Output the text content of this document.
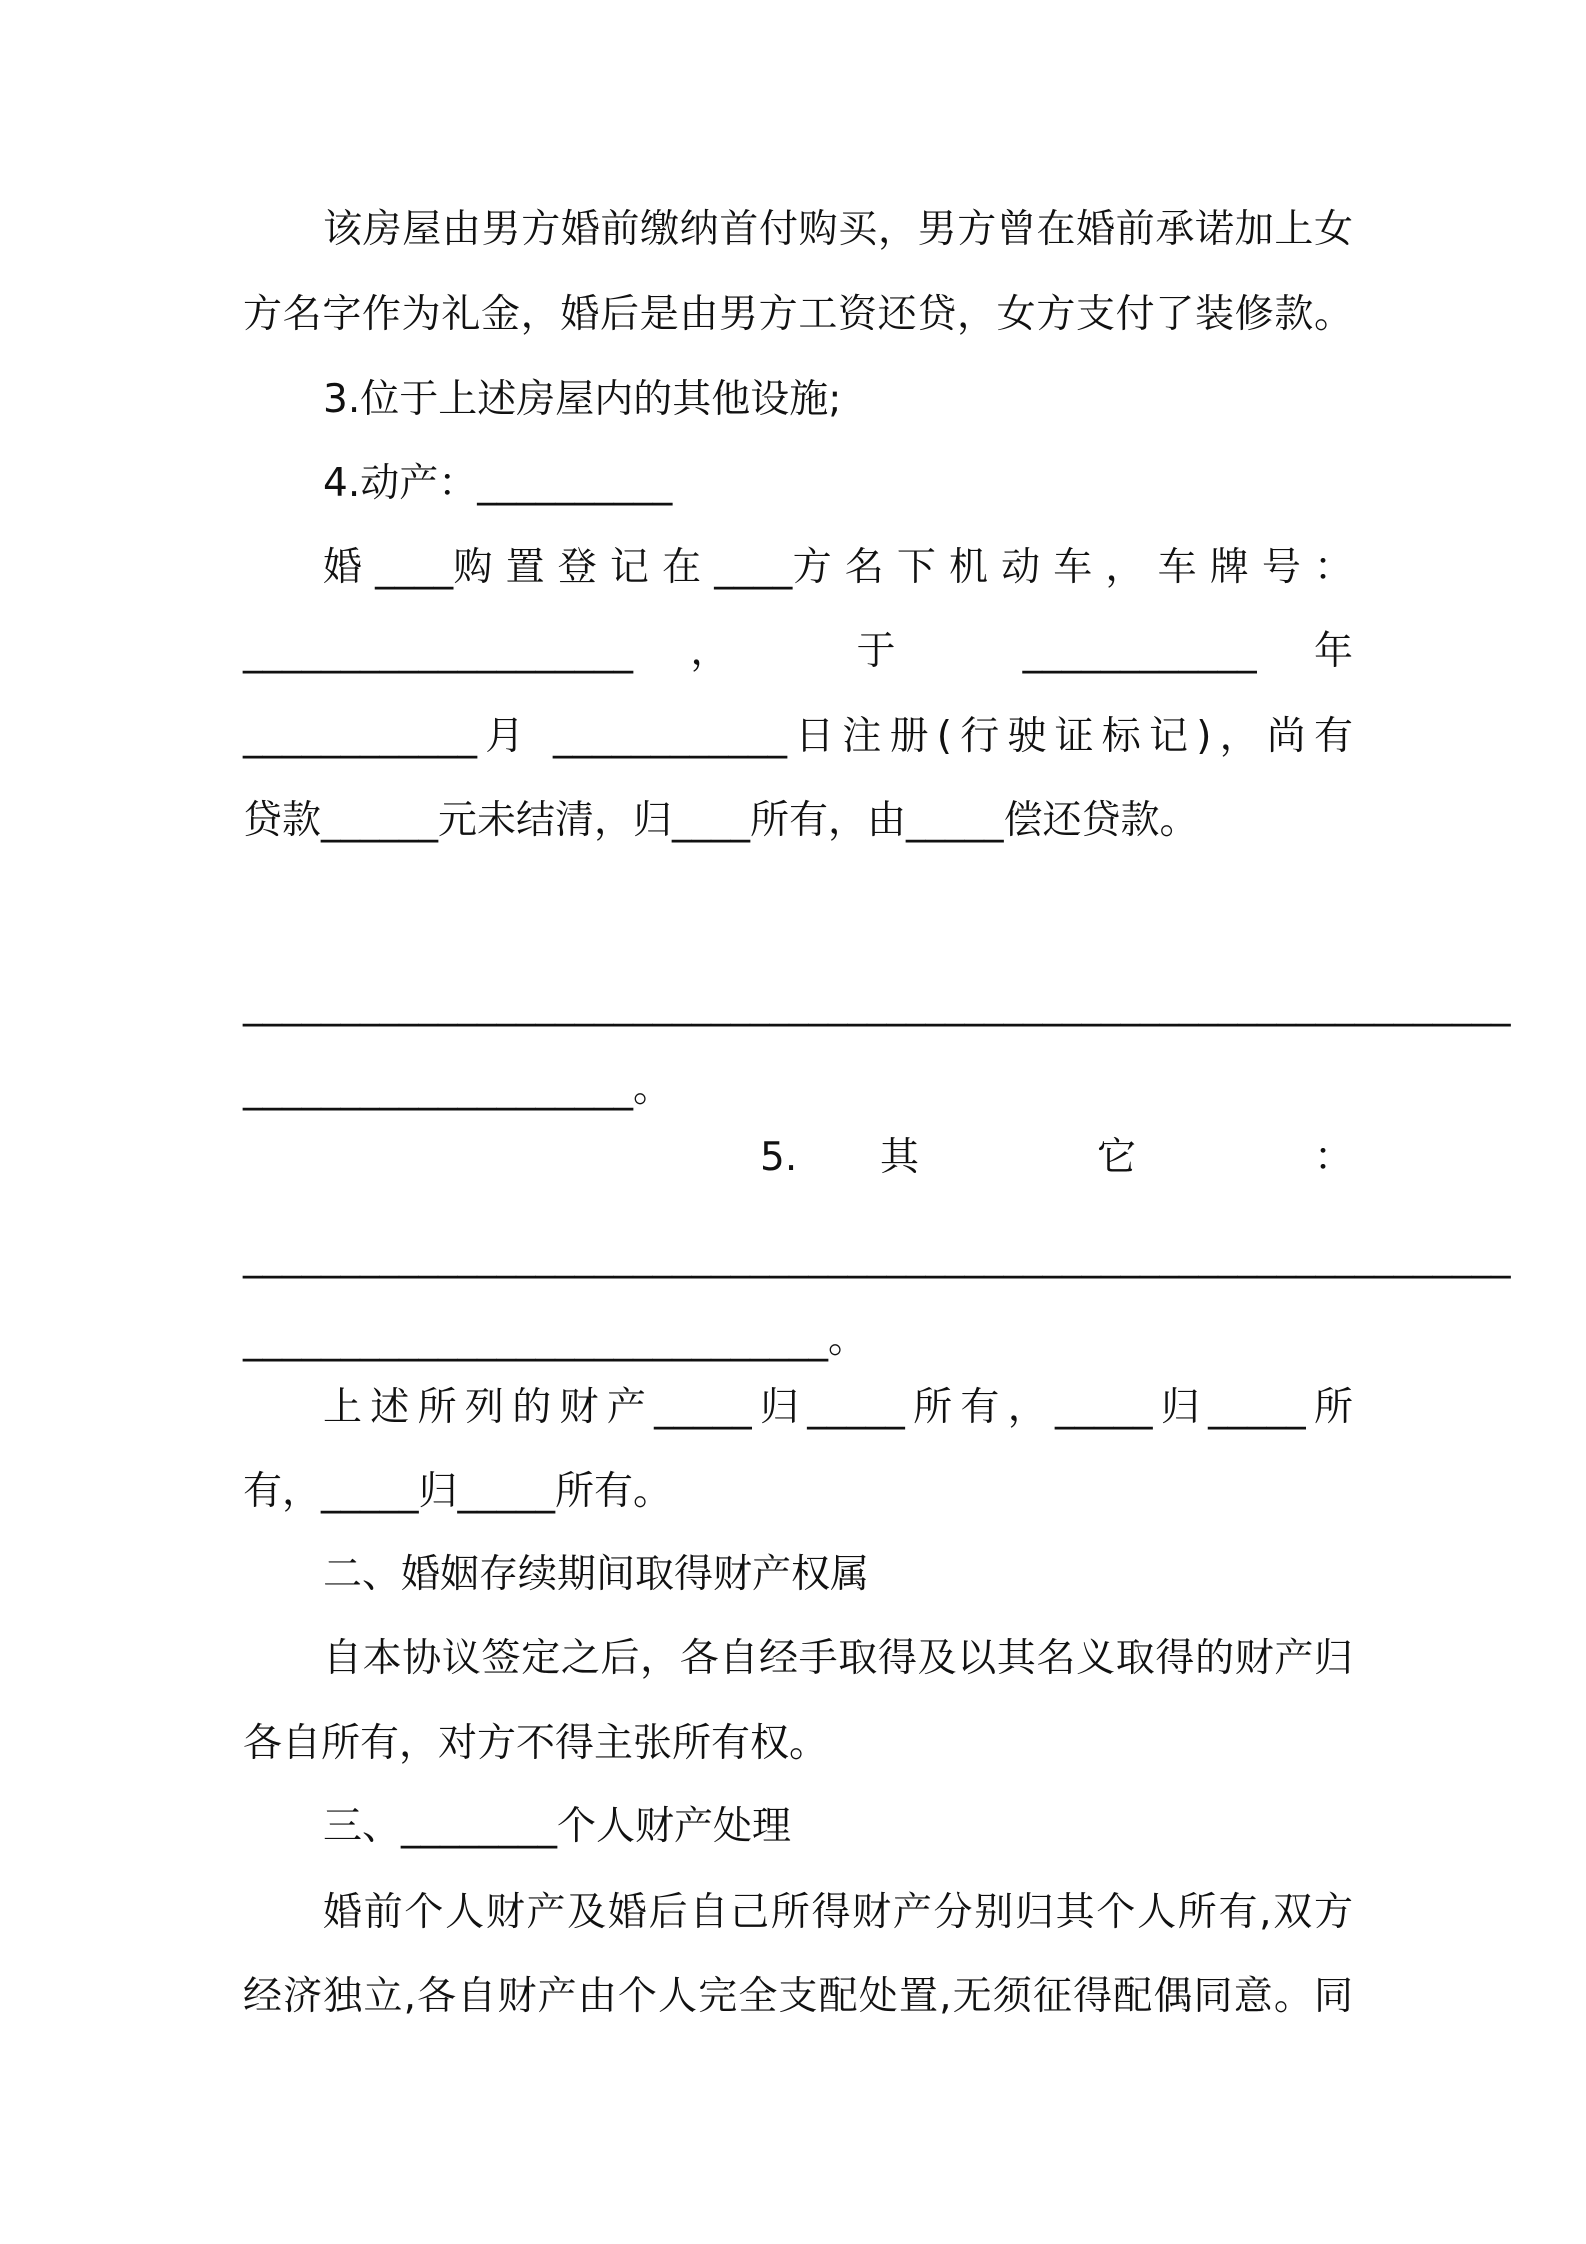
该房屋由男方婚前缴纳首付购买，男方曾在婚前承诺加上女
方名字作为礼金，婚后是由男方工资还贷，女方支付了装修款。
3.位于上述房屋内的其他设施;
4.动产：__________
婚 ____购 置 登 记 在 ____方 名 下 机 动 车 ， 车 牌 号 ：
____________________， 于 ____________年
____________月 ____________日注册(行驶证标记)，尚有
贷款______元未结清，归____所有，由_____偿还贷款。
_________________________________________________________________
____________________。
5.其 它 ：
_________________________________________________________________
______________________________。
上述所列的财产_____归_____所有，_____归_____所
有，_____归_____所有。
二、婚姻存续期间取得财产权属
自本协议签定之后，各自经手取得及以其名义取得的财产归
各自所有，对方不得主张所有权。
三、________个人财产处理
婚前个人财产及婚后自己所得财产分别归其个人所有,双方
经济独立,各自财产由个人完全支配处置,无须征得配偶同意。同
